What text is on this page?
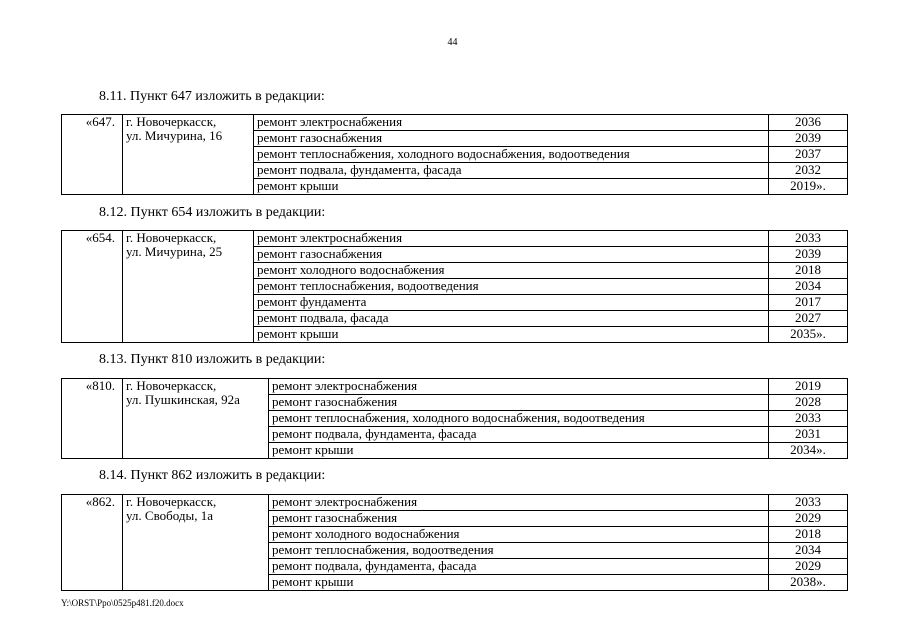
44
8.11. Пункт 647 изложить в редакции:
«647.	г. Новочеркасск,
ул. Мичурина, 16	ремонт электроснабжения	2036
		ремонт газоснабжения	2039
		ремонт теплоснабжения, холодного водоснабжения, водоотведения	2037
		ремонт подвала, фундамента, фасада	2032
		ремонт крыши	2019».
8.12. Пункт 654 изложить в редакции:
«654.	г. Новочеркасск,
ул. Мичурина, 25	ремонт электроснабжения	2033
		ремонт газоснабжения	2039
		ремонт холодного водоснабжения	2018
		ремонт теплоснабжения, водоотведения	2034
		ремонт фундамента	2017
		ремонт подвала, фасада	2027
		ремонт крыши	2035».
8.13. Пункт 810 изложить в редакции:
«810.	г. Новочеркасск,
ул. Пушкинская, 92а	ремонт электроснабжения	2019
		ремонт газоснабжения	2028
		ремонт теплоснабжения, холодного водоснабжения, водоотведения	2033
		ремонт подвала, фундамента, фасада	2031
		ремонт крыши	2034».
8.14. Пункт 862 изложить в редакции:
«862.	г. Новочеркасск,
ул. Свободы, 1а	ремонт электроснабжения	2033
		ремонт газоснабжения	2029
		ремонт холодного водоснабжения	2018
		ремонт теплоснабжения, водоотведения	2034
		ремонт подвала, фундамента, фасада	2029
		ремонт крыши	2038».
Y:\ORST\Ppo\0525p481.f20.docx
